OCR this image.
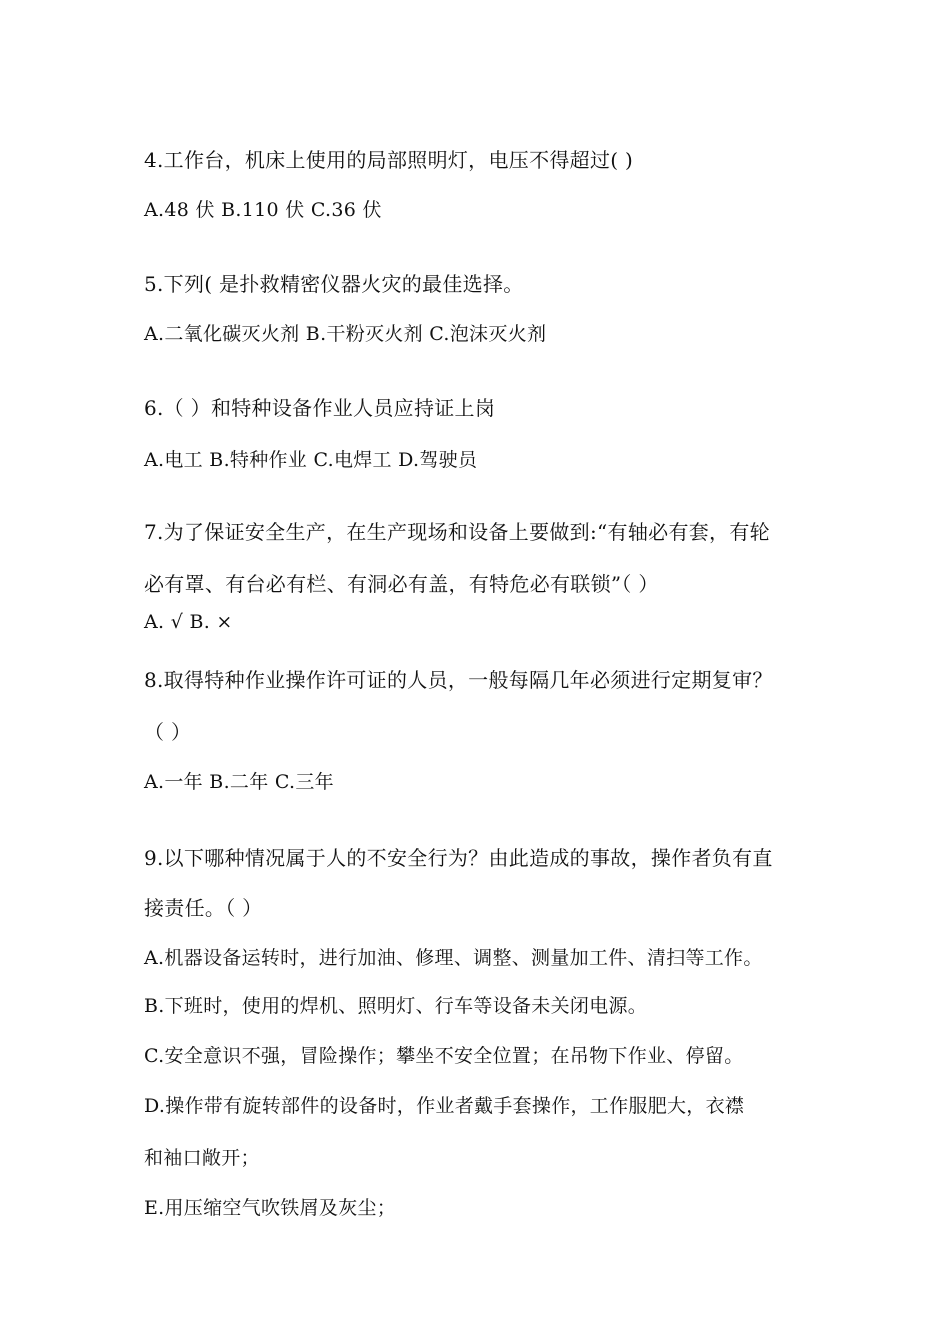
4.工作台，机床上使用的局部照明灯，电压不得超过( )
A.48 伏 B.110 伏 C.36 伏
5.下列( 是扑救精密仪器火灾的最佳选择。
A.二氧化碳灭火剂 B.干粉灭火剂 C.泡沫灭火剂
6.（ ）和特种设备作业人员应持证上岗
A.电工 B.特种作业 C.电焊工 D.驾驶员
7.为了保证安全生产，在生产现场和设备上要做到:“有轴必有套，有轮
必有罩、有台必有栏、有洞必有盖，有特危必有联锁”（ ）
A. √ B. ×
8.取得特种作业操作许可证的人员，一般每隔几年必须进行定期复审？
（ ）
A.一年 B.二年 C.三年
9.以下哪种情况属于人的不安全行为？由此造成的事故，操作者负有直
接责任。（ ）
A.机器设备运转时，进行加油、修理、调整、测量加工件、清扫等工作。
B.下班时，使用的焊机、照明灯、行车等设备未关闭电源。
C.安全意识不强，冒险操作；攀坐不安全位置；在吊物下作业、停留。
D.操作带有旋转部件的设备时，作业者戴手套操作，工作服肥大，衣襟
和袖口敞开；
E.用压缩空气吹铁屑及灰尘；
